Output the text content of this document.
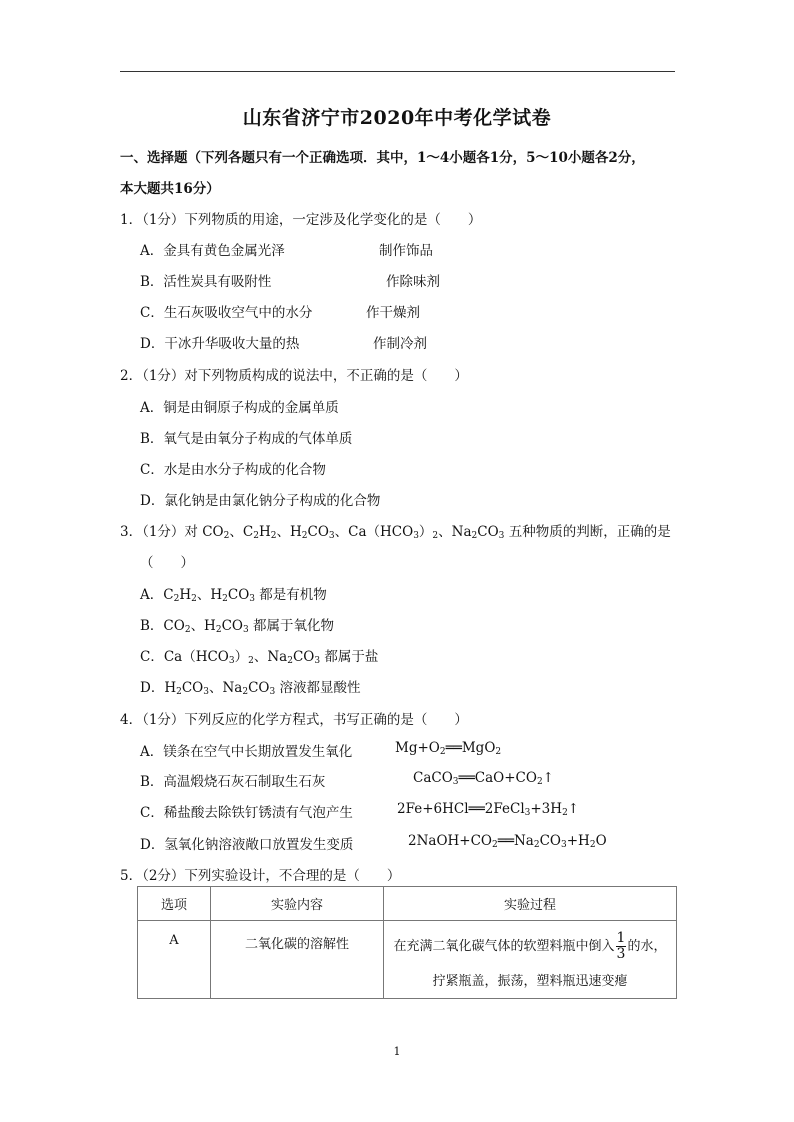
山东省济宁市2020年中考化学试卷
一、选择题（下列各题只有一个正确选项．其中，1～4小题各1分，5～10小题各2分，
本大题共16分）
1．（1分）下列物质的用途，一定涉及化学变化的是（　　）
A．金具有黄色金属光泽	制作饰品
B．活性炭具有吸附性	作除味剂
C．生石灰吸收空气中的水分	作干燥剂
D．干冰升华吸收大量的热	作制冷剂
2．（1分）对下列物质构成的说法中，不正确的是（　　）
A．铜是由铜原子构成的金属单质
B．氧气是由氧分子构成的气体单质
C．水是由水分子构成的化合物
D．氯化钠是由氯化钠分子构成的化合物
3．（1分）对 $CO_2$、$C_2H_2$、$H_2CO_3$、$Ca(HCO_3)_2$、$Na_2CO_3$ 五种物质的判断，正确的是
（　　）
A．$C_2H_2$、$H_2CO_3$ 都是有机物
B．$CO_2$、$H_2CO_3$ 都属于氧化物
C．$Ca(HCO_3)_2$、$Na_2CO_3$ 都属于盐
D．$H_2CO_3$、$Na_2CO_3$ 溶液都显酸性
4．（1分）下列反应的化学方程式，书写正确的是（　　）
A．镁条在空气中长期放置发生氧化	$Mg+O_2══MgO_2$
B．高温煅烧石灰石制取生石灰	$CaCO_3══CaO+CO_2↑$
C．稀盐酸去除铁钉锈渍有气泡产生	$2Fe+6HCl══2FeCl_3+3H_2↑$
D．氢氧化钠溶液敞口放置发生变质	$2NaOH+CO_2══Na_2CO_3+H_2O$
5．（2分）下列实验设计，不合理的是（　　）
选项	实验内容	实验过程
A	二氧化碳的溶解性	在充满二氧化碳气体的软塑料瓶中倒入 $\frac{1}{3}$ 的水，
拧紧瓶盖，振荡，塑料瓶迅速变瘪
1
